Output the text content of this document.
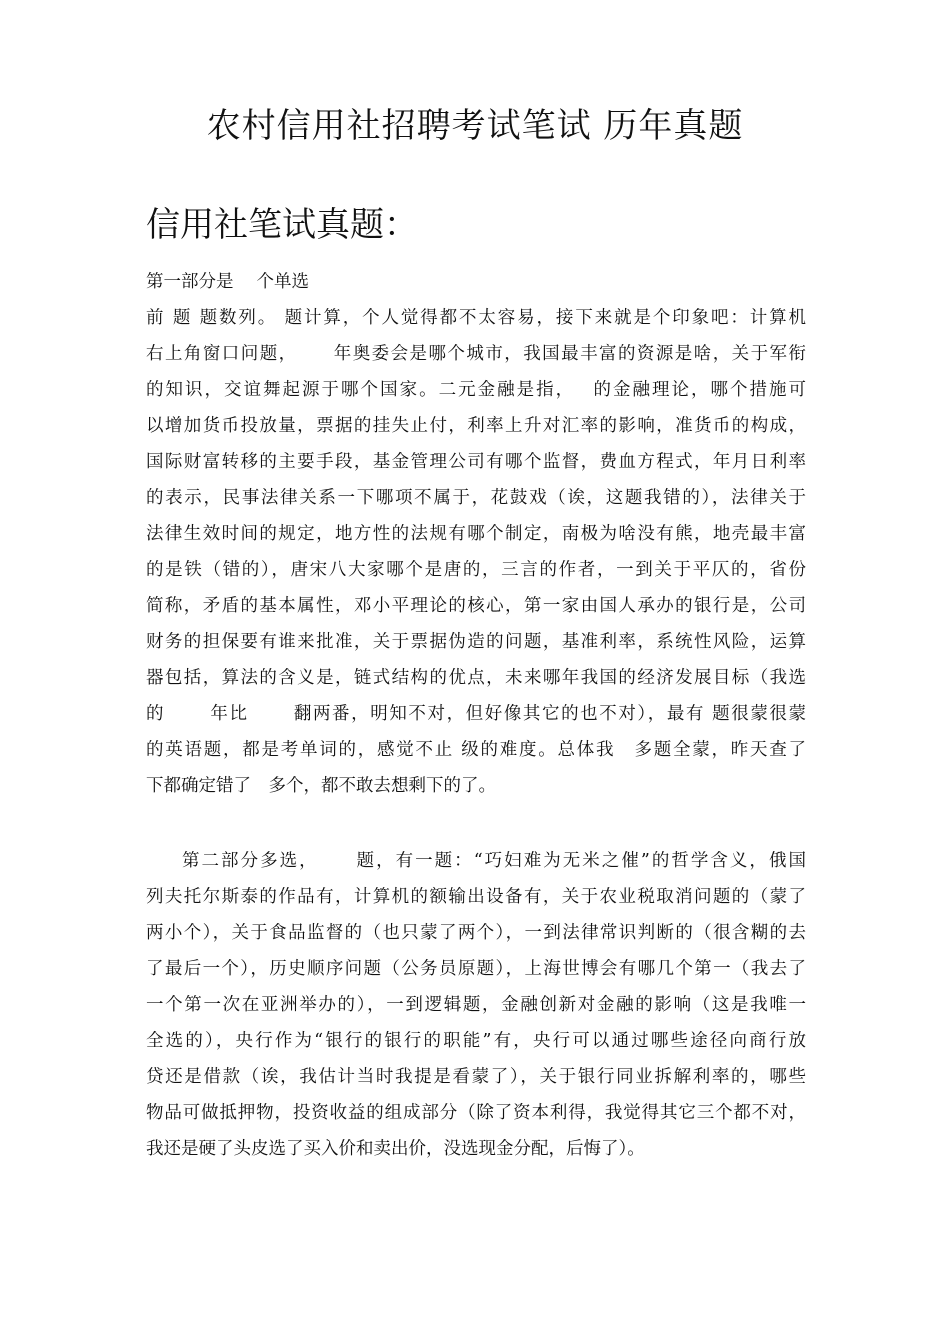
农村信用社招聘考试笔试 历年真题
信用社笔试真题：
第一部分是　 个单选
前 题 题数列。 题计算，个人觉得都不太容易，接下来就是个印象吧：计算机
右上角窗口问题，　　 年奥委会是哪个城市，我国最丰富的资源是啥，关于军衔
的知识，交谊舞起源于哪个国家。二元金融是指，　 的金融理论，哪个措施可
以增加货币投放量，票据的挂失止付，利率上升对汇率的影响，准货币的构成，
国际财富转移的主要手段，基金管理公司有哪个监督，费血方程式，年月日利率
的表示，民事法律关系一下哪项不属于，花鼓戏（诶，这题我错的），法律关于
法律生效时间的规定，地方性的法规有哪个制定，南极为啥没有熊，地壳最丰富
的是铁（错的），唐宋八大家哪个是唐的，三言的作者，一到关于平仄的，省份
简称，矛盾的基本属性，邓小平理论的核心，第一家由国人承办的银行是，公司
财务的担保要有谁来批准，关于票据伪造的问题，基准利率，系统性风险，运算
器包括，算法的含义是，链式结构的优点，未来哪年我国的经济发展目标（我选
的　　 年比　　 翻两番，明知不对，但好像其它的也不对），最有 题很蒙很蒙
的英语题，都是考单词的，感觉不止 级的难度。总体我　多题全蒙，昨天查了
下都确定错了　多个，都不敢去想剩下的了。
第二部分多选，　　 题，有一题：“巧妇难为无米之催”的哲学含义，俄国
列夫托尔斯泰的作品有，计算机的额输出设备有，关于农业税取消问题的（蒙了
两小个），关于食品监督的（也只蒙了两个），一到法律常识判断的（很含糊的去
了最后一个），历史顺序问题（公务员原题），上海世博会有哪几个第一（我去了
一个第一次在亚洲举办的），一到逻辑题，金融创新对金融的影响（这是我唯一
全选的），央行作为“银行的银行的职能”有，央行可以通过哪些途径向商行放
贷还是借款（诶，我估计当时我提是看蒙了），关于银行同业拆解利率的，哪些
物品可做抵押物，投资收益的组成部分（除了资本利得，我觉得其它三个都不对，
我还是硬了头皮选了买入价和卖出价，没选现金分配，后悔了）。
